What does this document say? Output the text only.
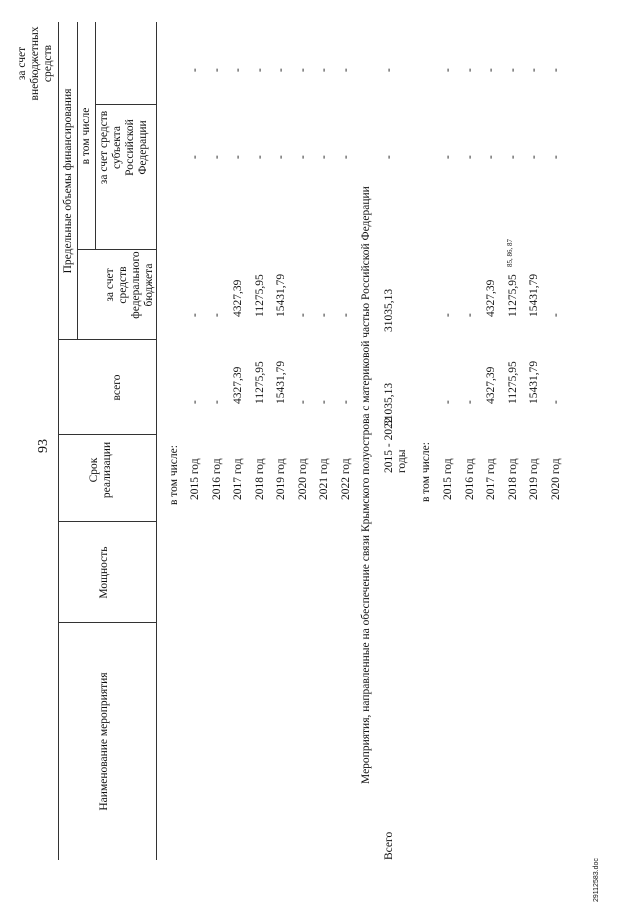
93
Наименование мероприятия
Мощность
Срок реализации
Предельные объемы финансирования
всего
в том числе
за счет средств федерального бюджета
за счет средств субъекта Российской Федерации
за счет внебюджетных средств
в том числе: 2015 год
-
-
-
-
2016 год
-
-
-
-
2017 год
4327,39
4327,39
-
-
2018 год
11275,95
11275,95
-
-
2019 год
15431,79
15431,79
-
-
2020 год
-
-
-
-
2021 год
-
-
-
-
2022 год
-
-
-
-
Мероприятия, направленные на обеспечение связи Крымского полуострова с материковой частью Российской Федерации
Всего
2015 - 2022 годы
31035,13
31035,13
-
-
в том числе: 2015 год
-
-
-
-
2016 год
-
-
-
-
2017 год
4327,39
4327,39
-
-
2018 год
11275,95
11275,95
$^{85, 86, 87}$
-
-
2019 год
15431,79
15431,79
-
-
2020 год
-
-
-
-
29112583.doc
